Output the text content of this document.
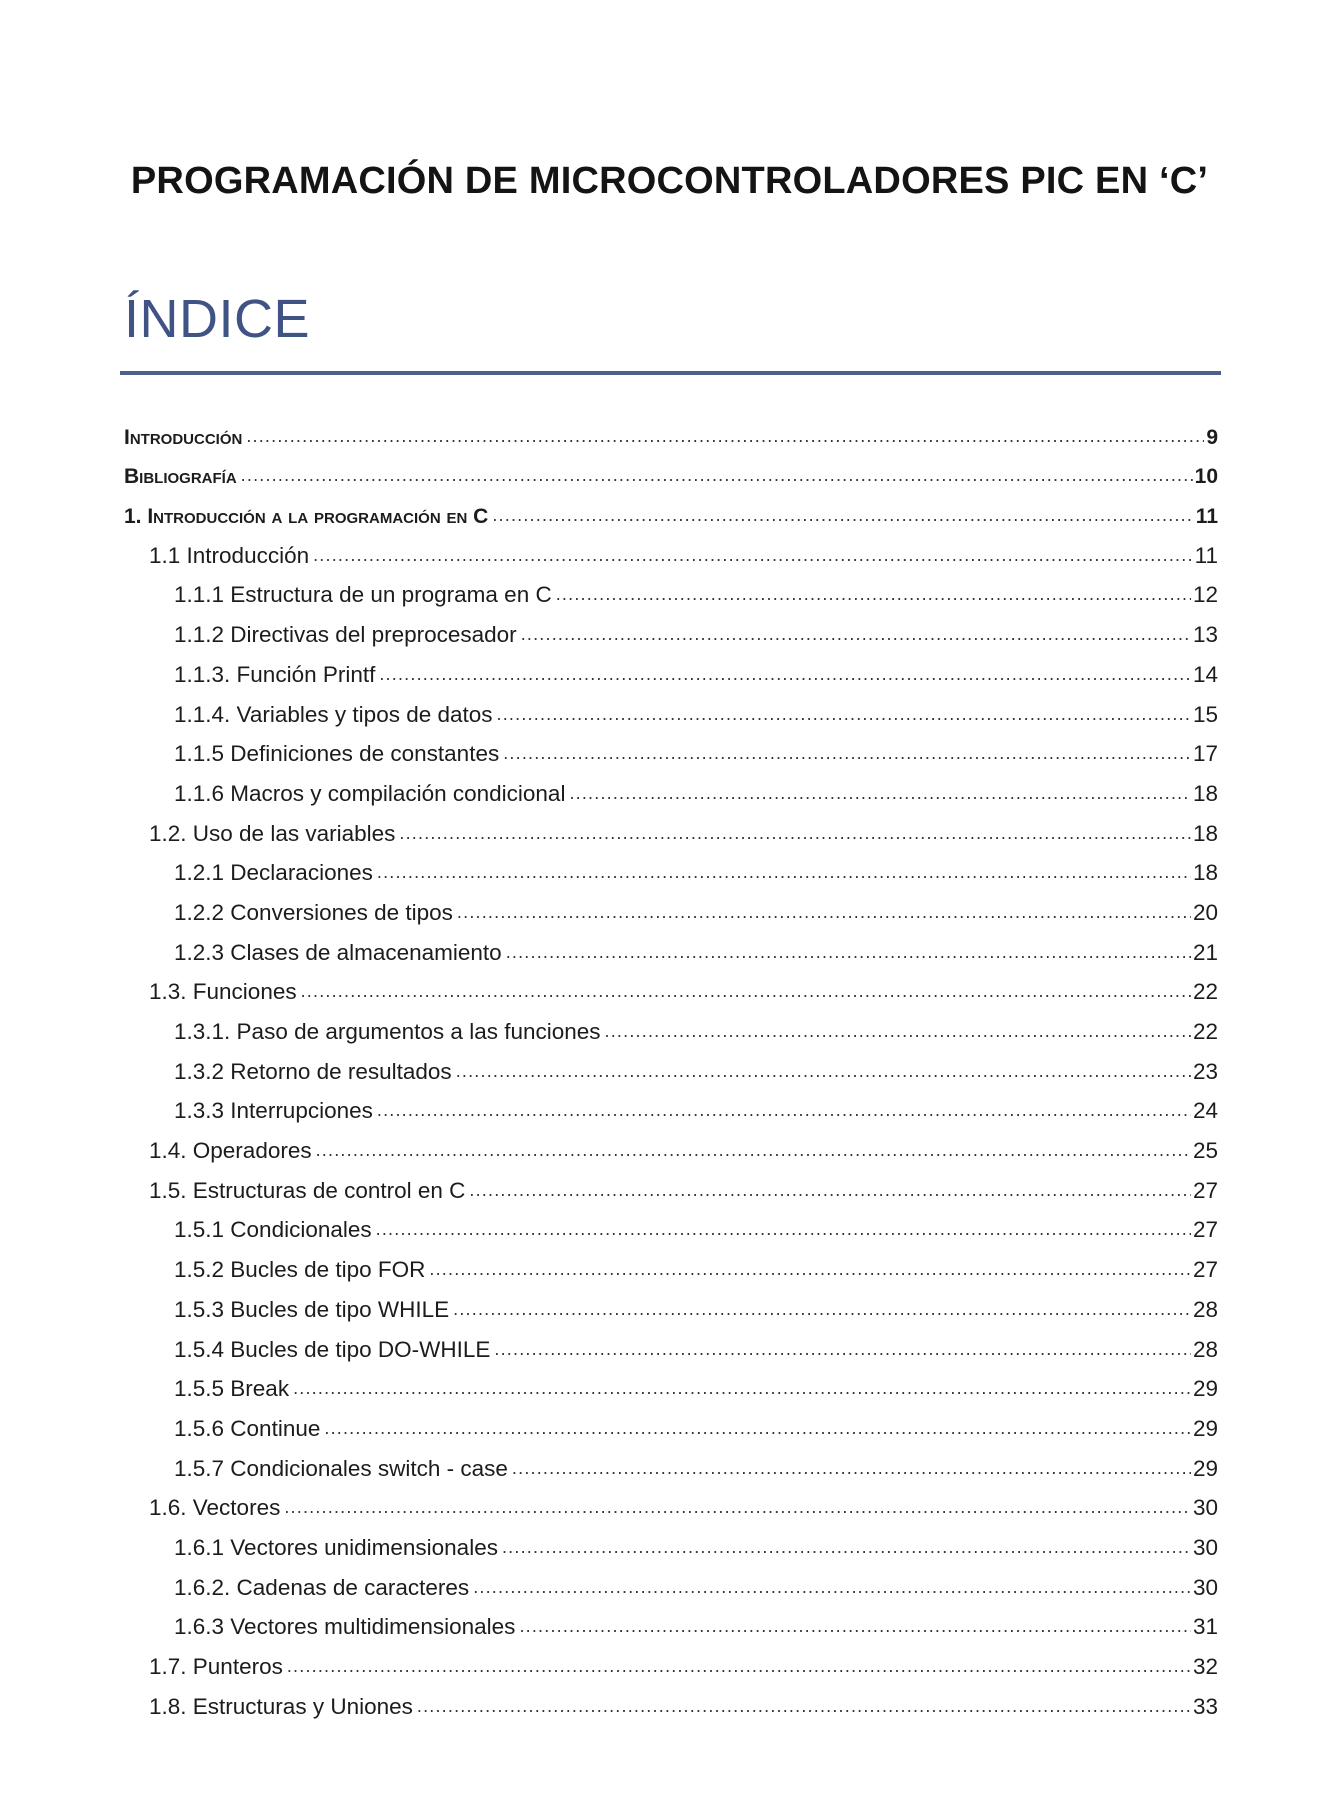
PROGRAMACIÓN DE MICROCONTROLADORES PIC EN ‘C’
ÍNDICE
Introducción .....	9
Bibliografía .....	10
1. Introducción a la programación en C .....	11
1.1 Introducción .....	11
1.1.1 Estructura de un programa en C .....	12
1.1.2 Directivas del preprocesador .....	13
1.1.3. Función Printf .....	14
1.1.4. Variables y tipos de datos .....	15
1.1.5 Definiciones de constantes .....	17
1.1.6 Macros y compilación condicional .....	18
1.2. Uso de las variables .....	18
1.2.1 Declaraciones .....	18
1.2.2 Conversiones de tipos .....	20
1.2.3 Clases de almacenamiento .....	21
1.3. Funciones .....	22
1.3.1. Paso de argumentos a las funciones .....	22
1.3.2 Retorno de resultados .....	23
1.3.3 Interrupciones .....	24
1.4. Operadores .....	25
1.5. Estructuras de control en C .....	27
1.5.1 Condicionales .....	27
1.5.2 Bucles de tipo FOR .....	27
1.5.3 Bucles de tipo WHILE .....	28
1.5.4 Bucles de tipo DO-WHILE .....	28
1.5.5 Break .....	29
1.5.6 Continue .....	29
1.5.7 Condicionales switch - case .....	29
1.6. Vectores .....	30
1.6.1 Vectores unidimensionales .....	30
1.6.2. Cadenas de caracteres .....	30
1.6.3 Vectores multidimensionales .....	31
1.7. Punteros .....	32
1.8. Estructuras y Uniones .....	33
